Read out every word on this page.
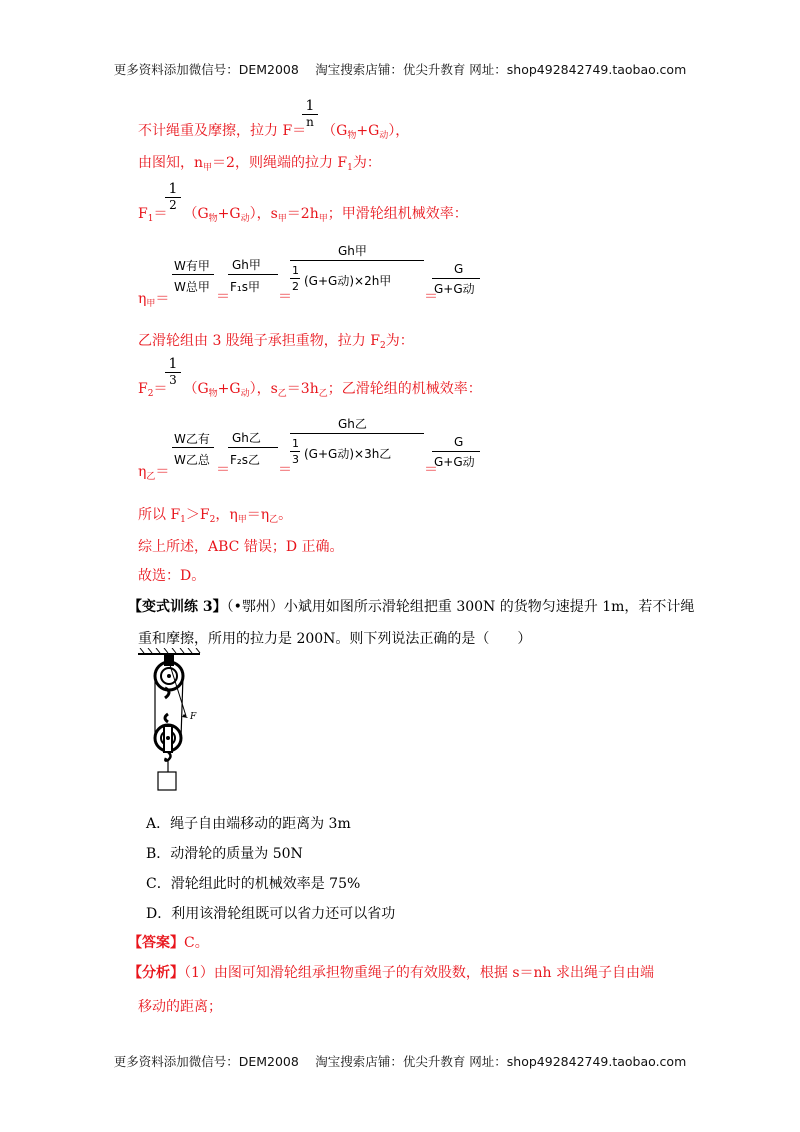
更多资料添加微信号：DEM2008　 淘宝搜索店铺：优尖升教育 网址：shop492842749.taobao.com
不计绳重及摩擦，拉力 $F= (G_物+G_动)$，
$\frac{1}{n}$
由图知，$n_甲=2$，则绳端的拉力 $F_1$为：
$F_1= (G_物+G_动)$，$s_甲=2h_甲$；甲滑轮组机械效率：
$\frac{1}{2}$
$\eta_甲=$
W有甲
W总甲
＝
Gh甲
F₁s甲
＝
Gh甲
1
2 (G+G动)×2h甲
＝
G
G+G动
乙滑轮组由 3 股绳子承担重物，拉力 $F_2$为：
$F_2= (G_物+G_动)$，$s_乙=3h_乙$；乙滑轮组的机械效率：
$\frac{1}{3}$
$\eta_乙=$
W乙有
W乙总
＝
Gh乙
F₂s乙
＝
Gh乙
1
3 (G+G动)×3h乙
＝
G
G+G动
所以 $F_1>F_2$，$\eta_甲=\eta_乙$。
综上所述，ABC 错误；D 正确。
故选：D。
【变式训练 3】（•鄂州）小斌用如图所示滑轮组把重 300N 的货物匀速提升 1m，若不计绳
重和摩擦，所用的拉力是 200N。则下列说法正确的是（　　）
F
A．绳子自由端移动的距离为 3m
B．动滑轮的质量为 50N
C．滑轮组此时的机械效率是 75%
D．利用该滑轮组既可以省力还可以省功
【答案】C。
【分析】（1）由图可知滑轮组承担物重绳子的有效股数，根据 s＝nh 求出绳子自由端
移动的距离；
更多资料添加微信号：DEM2008　 淘宝搜索店铺：优尖升教育 网址：shop492842749.taobao.com
